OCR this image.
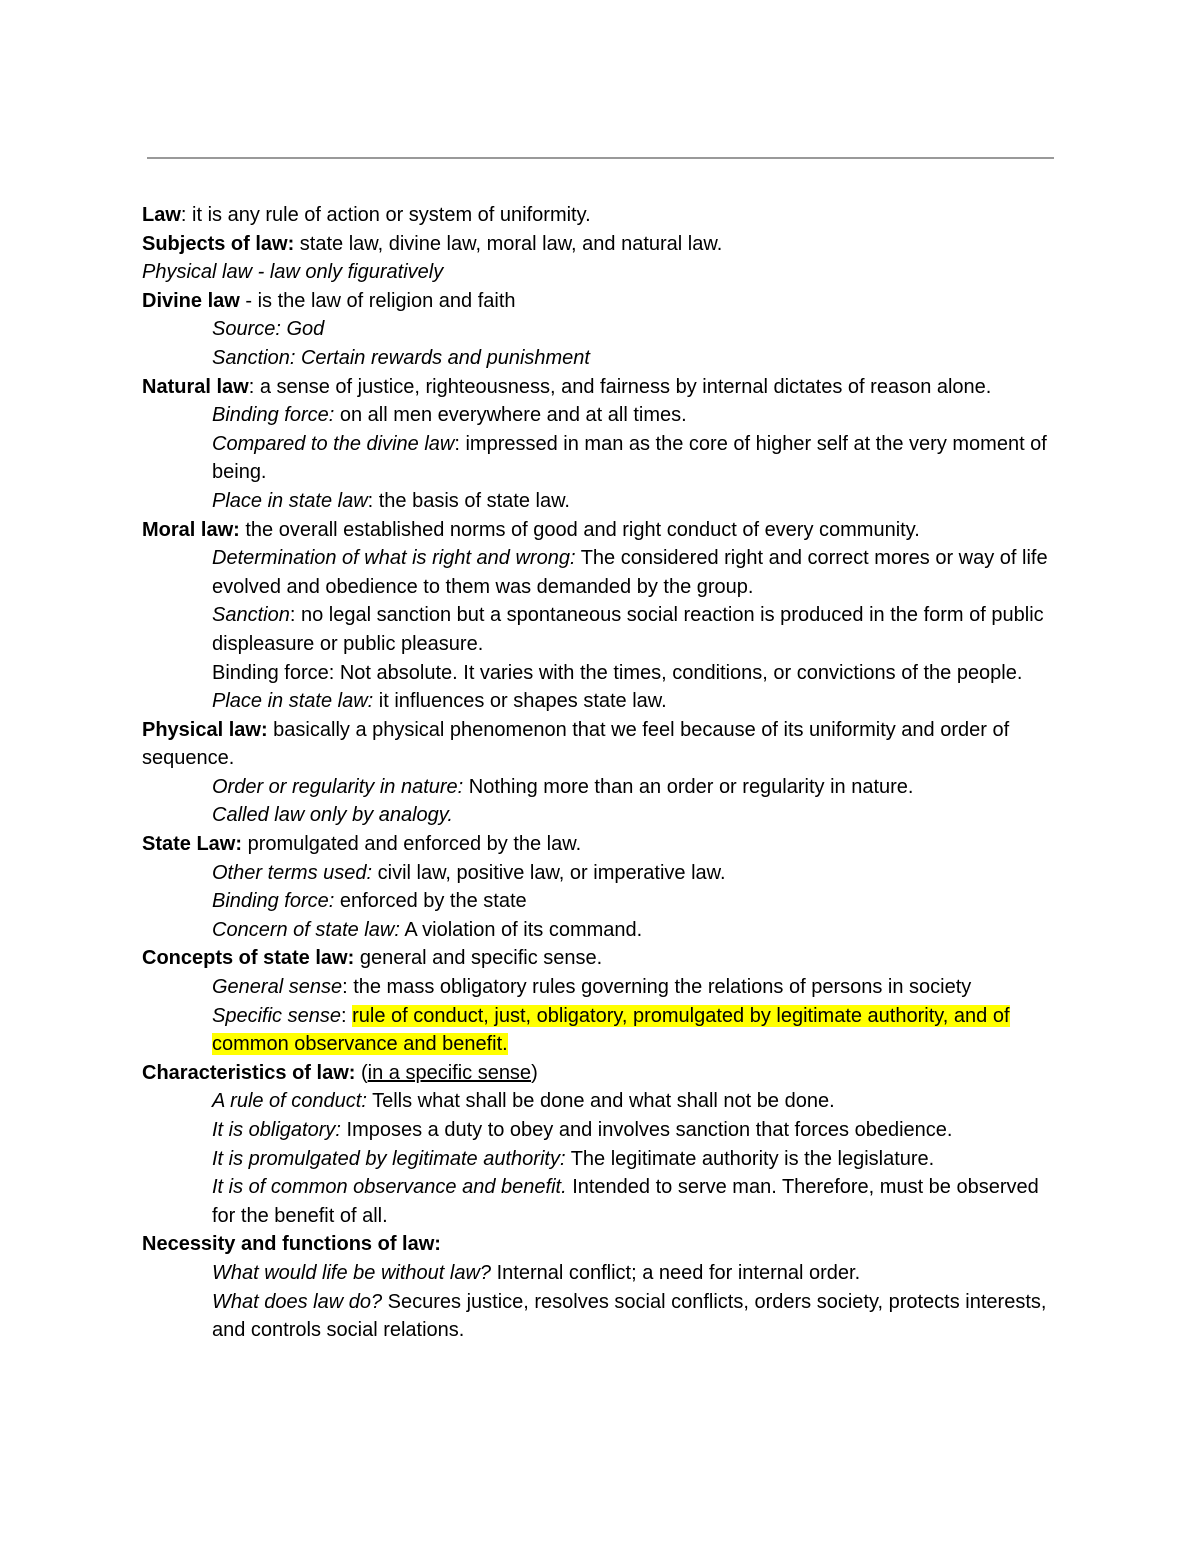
Law: it is any rule of action or system of uniformity.

Subjects of law: state law, divine law, moral law, and natural law.

Physical law - law only figuratively

Divine law - is the law of religion and faith

Source: God

Sanction: Certain rewards and punishment

Natural law: a sense of justice, righteousness, and fairness by internal dictates of reason alone.

Binding force: on all men everywhere and at all times.

Compared to the divine law: impressed in man as the core of higher self at the very moment of being.

Place in state law: the basis of state law.

Moral law: the overall established norms of good and right conduct of every community.

Determination of what is right and wrong: The considered right and correct mores or way of life evolved and obedience to them was demanded by the group.

Sanction: no legal sanction but a spontaneous social reaction is produced in the form of public displeasure or public pleasure.

Binding force: Not absolute. It varies with the times, conditions, or convictions of the people.

Place in state law: it influences or shapes state law.

Physical law: basically a physical phenomenon that we feel because of its uniformity and order of sequence.

Order or regularity in nature: Nothing more than an order or regularity in nature.

Called law only by analogy.

State Law: promulgated and enforced by the law.

Other terms used: civil law, positive law, or imperative law.

Binding force: enforced by the state

Concern of state law: A violation of its command.

Concepts of state law: general and specific sense.

General sense: the mass obligatory rules governing the relations of persons in society

Specific sense: rule of conduct, just, obligatory, promulgated by legitimate authority, and of common observance and benefit.

Characteristics of law: (in a specific sense)

A rule of conduct: Tells what shall be done and what shall not be done.

It is obligatory: Imposes a duty to obey and involves sanction that forces obedience.

It is promulgated by legitimate authority: The legitimate authority is the legislature.

It is of common observance and benefit. Intended to serve man. Therefore, must be observed for the benefit of all.

Necessity and functions of law:

What would life be without law? Internal conflict; a need for internal order.

What does law do? Secures justice, resolves social conflicts, orders society, protects interests, and controls social relations.
